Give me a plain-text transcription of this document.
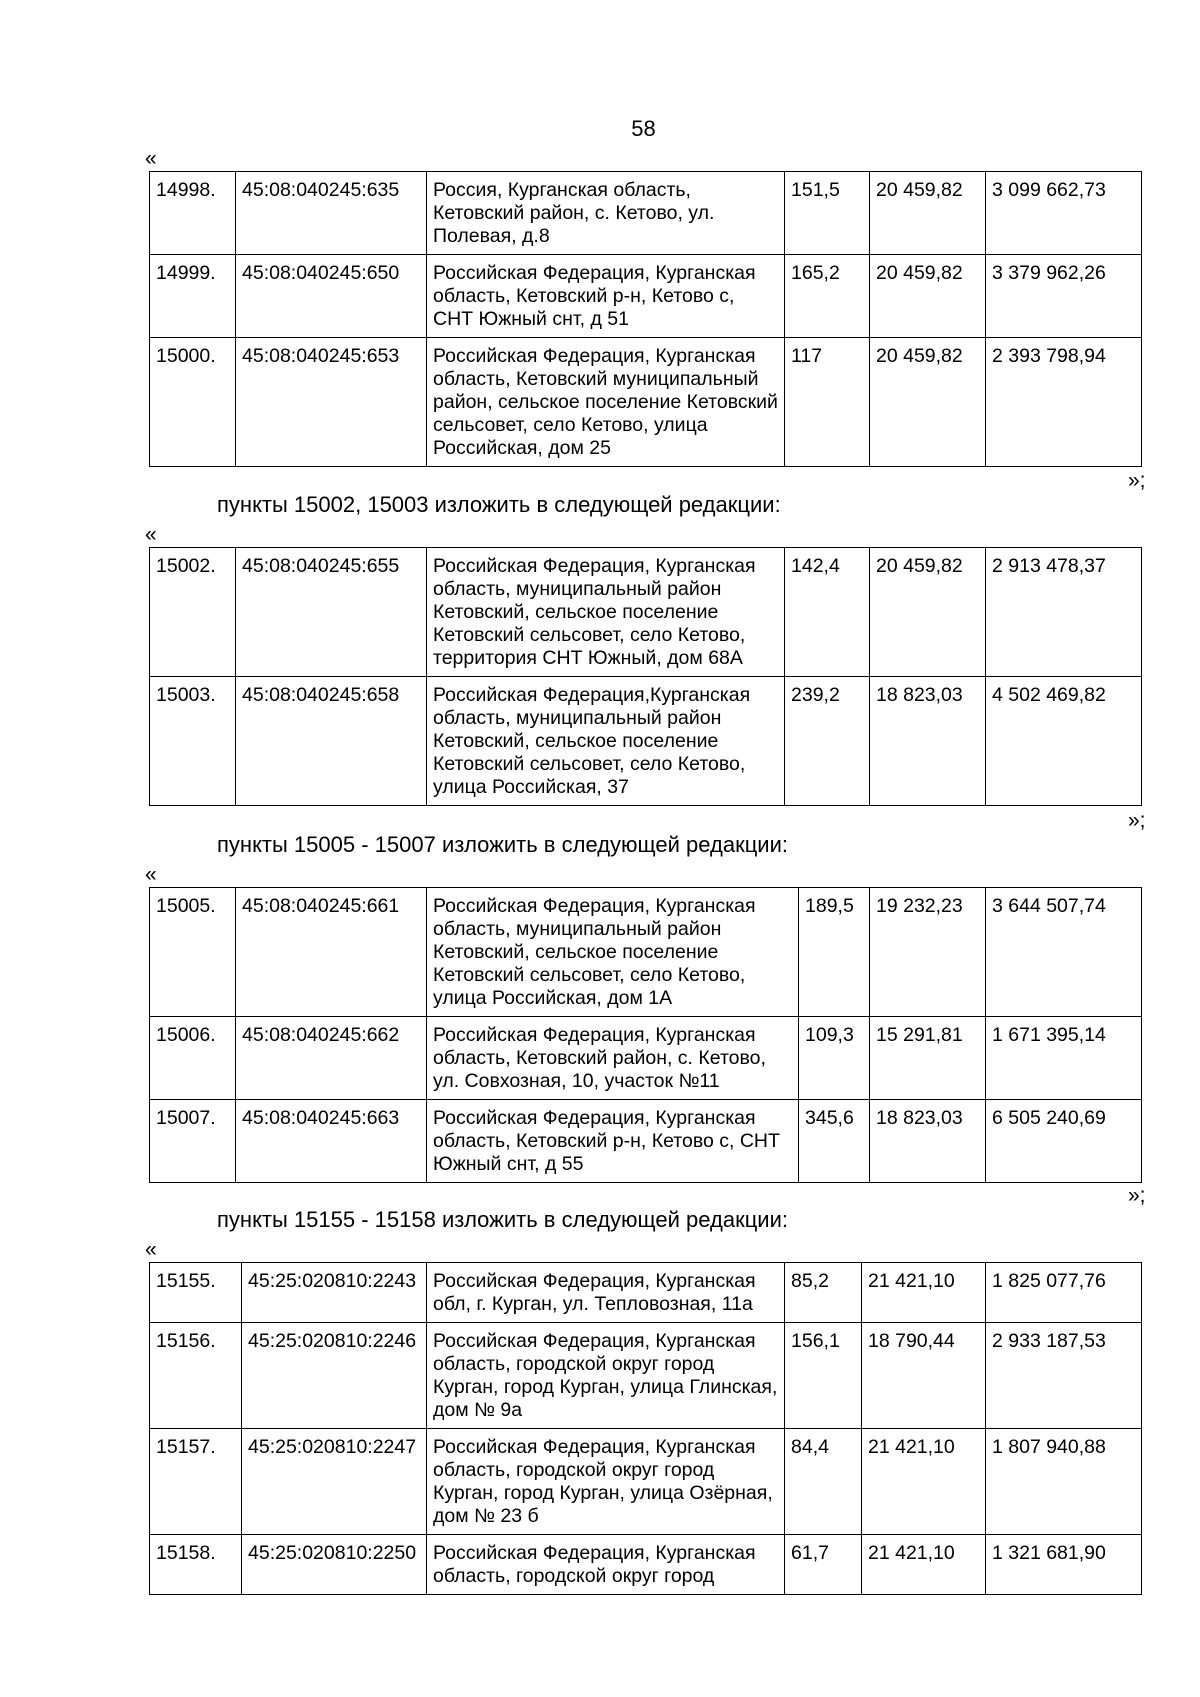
58
«
14998.	45:08:040245:635	Россия, Курганская область, Кетовский район, с. Кетово, ул. Полевая, д.8	151,5	20 459,82	3 099 662,73
14999.	45:08:040245:650	Российская Федерация, Курганская область, Кетовский р-н, Кетово с, СНТ Южный снт, д 51	165,2	20 459,82	3 379 962,26
15000.	45:08:040245:653	Российская Федерация, Курганская область, Кетовский муниципальный район, сельское поселение Кетовский сельсовет, село Кетово, улица Российская, дом 25	117	20 459,82	2 393 798,94
»;
пункты 15002, 15003 изложить в следующей редакции:
«
15002.	45:08:040245:655	Российская Федерация, Курганская область, муниципальный район Кетовский, сельское поселение Кетовский сельсовет, село Кетово, территория СНТ Южный, дом 68А	142,4	20 459,82	2 913 478,37
15003.	45:08:040245:658	Российская Федерация,Курганская область, муниципальный район Кетовский, сельское поселение Кетовский сельсовет, село Кетово, улица Российская, 37	239,2	18 823,03	4 502 469,82
»;
пункты 15005 - 15007 изложить в следующей редакции:
«
15005.	45:08:040245:661	Российская Федерация, Курганская область, муниципальный район Кетовский, сельское поселение Кетовский сельсовет, село Кетово, улица Российская, дом 1А	189,5	19 232,23	3 644 507,74
15006.	45:08:040245:662	Российская Федерация, Курганская область, Кетовский район, с. Кетово, ул. Совхозная, 10, участок №11	109,3	15 291,81	1 671 395,14
15007.	45:08:040245:663	Российская Федерация, Курганская область, Кетовский р-н, Кетово с, СНТ Южный снт, д 55	345,6	18 823,03	6 505 240,69
»;
пункты 15155 - 15158 изложить в следующей редакции:
«
15155.	45:25:020810:2243	Российская Федерация, Курганская обл, г. Курган, ул. Тепловозная, 11а	85,2	21 421,10	1 825 077,76
15156.	45:25:020810:2246	Российская Федерация, Курганская область, городской округ город Курган, город Курган, улица Глинская, дом № 9а	156,1	18 790,44	2 933 187,53
15157.	45:25:020810:2247	Российская Федерация, Курганская область, городской округ город Курган, город Курган, улица Озёрная, дом № 23 б	84,4	21 421,10	1 807 940,88
15158.	45:25:020810:2250	Российская Федерация, Курганская область, городской округ город	61,7	21 421,10	1 321 681,90
